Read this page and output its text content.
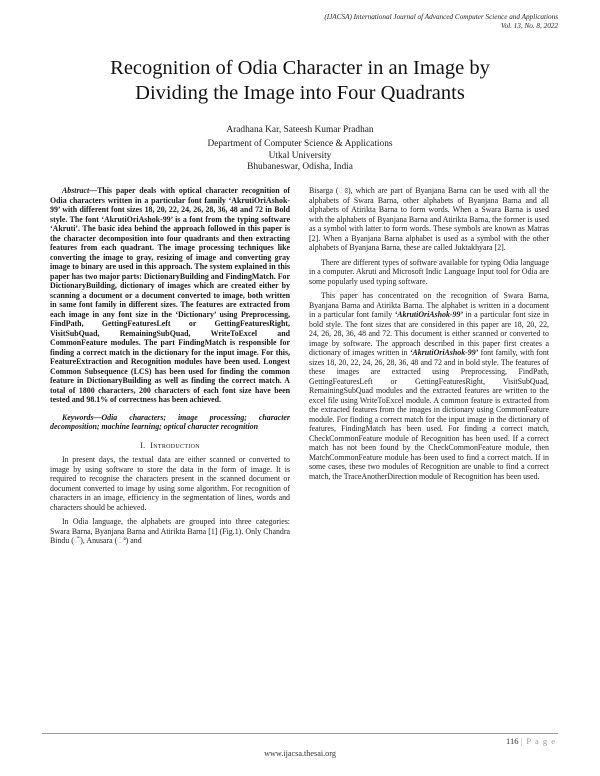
(IJACSA) International Journal of Advanced Computer Science and Applications
Vol. 13, No. 8, 2022
Recognition of Odia Character in an Image by
Dividing the Image into Four Quadrants
Aradhana Kar, Sateesh Kumar Pradhan
Department of Computer Science & Applications
Utkal University
Bhubaneswar, Odisha, India

Abstract—This paper deals with optical character recognition of Odia characters written in a particular font family ‘AkrutiOriAshok-99’ with different font sizes 18, 20, 22, 24, 26, 28, 36, 48 and 72 in Bold style. The font ‘AkrutiOriAshok-99’ is a font from the typing software ‘Akruti’. The basic idea behind the approach followed in this paper is the character decomposition into four quadrants and then extracting features from each quadrant. The image processing techniques like converting the image to gray, resizing of image and converting gray image to binary are used in this approach. The system explained in this paper has two major parts: DictionaryBuilding and FindingMatch. For DictionaryBuilding, dictionary of images which are created either by scanning a document or a document converted to image, both written in same font family in different sizes. The features are extracted from each image in any font size in the ‘Dictionary’ using Preprocessing, FindPath, GettingFeaturesLeft or GettingFeaturesRight, VisitSubQuad, RemainingSubQuad, WriteToExcel and CommonFeature modules. The part FindingMatch is responsible for finding a correct match in the dictionary for the input image. For this, FeatureExtraction and Recognition modules have been used. Longest Common Subsequence (LCS) has been used for finding the common feature in DictionaryBuilding as well as finding the correct match. A total of 1800 characters, 200 characters of each font size have been tested and 98.1% of correctness has been achieved.

Keywords—Odia characters; image processing; character decomposition; machine learning; optical character recognition

I. Introduction

In present days, the textual data are either scanned or converted to image by using software to store the data in the form of image. It is required to recognise the characters present in the scanned document or document converted to image by using some algorithm. For recognition of characters in an image, efficiency in the segmentation of lines, words and characters should be achieved.

In Odia language, the alphabets are grouped into three categories: Swara Barna, Byanjana Barna and Atirikta Barna [1] (Fig.1). Only Chandra Bindu (ଁ), Anusara (ଂ) and

Bisarga (ଃ), which are part of Byanjana Barna can be used with all the alphabets of Swara Barna, other alphabets of Byanjana Barna and all alphabets of Atirikta Barna to form words. When a Swara Barna is used with the alphabets of Byanjana Barna and Atirikta Barna, the former is used as a symbol with latter to form words. These symbols are known as Matras [2]. When a Byanjana Barna alphabet is used as a symbol with the other alphabets of Byanjana Barna, these are called Juktakhyara [2].

There are different types of software available for typing Odia language in a computer. Akruti and Microsoft Indic Language Input tool for Odia are some popularly used typing software.

This paper has concentrated on the recognition of Swara Barna, Byanjana Barna and Atirikta Barna. The alphabet is written in a document in a particular font family ‘AkrutiOriAshok-99’ in a particular font size in bold style. The font sizes that are considered in this paper are 18, 20, 22, 24, 26, 28, 36, 48 and 72. This document is either scanned or converted to image by software. The approach described in this paper first creates a dictionary of images written in ‘AkrutiOriAshok-99’ font family, with font sizes 18, 20, 22, 24, 26, 28, 36, 48 and 72 and in bold style. The features of these images are extracted using Preprocessing, FindPath, GettingFeaturesLeft or GettingFeaturesRight, VisitSubQuad, RemainingSubQuad modules and the extracted features are written to the excel file using WriteToExcel module. A common feature is extracted from the extracted features from the images in dictionary using CommonFeature module. For finding a correct match for the input image in the dictionary of features, FindingMatch has been used. For finding a correct match, CheckCommonFeature module of Recognition has been used. If a correct match has not been found by the CheckCommonFeature module, then MatchCommonFeature module has been used to find a correct match. If in some cases, these two modules of Recognition are unable to find a correct match, the TraceAnotherDirection module of Recognition has been used.

116 | P a g e
www.ijacsa.thesai.org
